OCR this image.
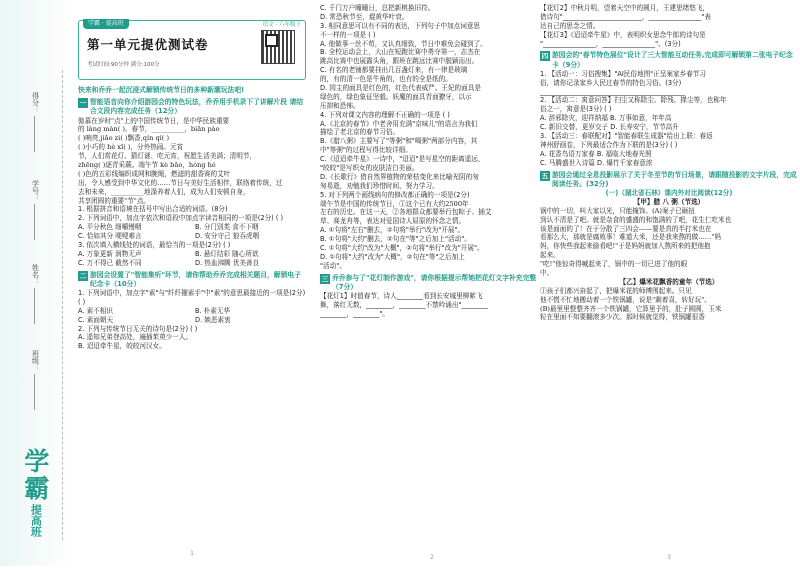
得分：
学号：
姓名：
班级：
学霸
提高班
学霸 · 提高班	语文 · 六年级下
第一单元提优测试卷
考试时间:90分钟 满分:100分
快来和乔乔一起沉浸式解锁传统节日的多种新潮玩法吧!
一 智能语音向你介绍游园会的特色玩法，乔乔用手机录下了讲解片段 请结合文段内容完成任务（12分）

傲慕在岁时"点"上的中国传统节日，是中华民族重要

的 làng màn( )。春节，__________，biān pào

( )响亮,jiǎo zi( )飘香,qín qí( )

( )小巧的 hè xǐ( )，分外热闹。元宵

节，人们赏花灯、猜灯谜、吃元宵，祝愿生活美满；清明节，

zhēng( )逐青采蕨。端午节 kè bǎo，hóng hé

( )色的五彩线编织成网和腕绳，燃滤的甜香赛的艾叶

出，令人感受到中华文化的……节日与美好生活相伴，联络着传统，过

去和未来，__________地涤养着人们，成为人们安顿自身，

共享团圆的重要"节"点。

1. 根据拼音和语境在括号中写出合适的词语。(8分)

2. 下列词语中，加点字依次和语段中加点字读音相同的一项是(2分) ( )

A. 平分秋色 细嚼慢咽	B. 分门别类 食不下咽
C. 恰如其分 哽哽难言	D. 安分守己 狼吞虎咽

3. 依次填入横线处的词语，最恰当的一项是(2分) ( )

A. 万象更新 润物无声	B. 悬灯结彩 随心所欲
C. 万不得已 截然不同	D. 热血沸腾 优美善良
二 游园会设置了"智能集听"环节，请你帮助乔乔完成相关题目，解锁电子纪念卡（10分）

1. 下列词语中，加点字"素"与"纤纤擢素手"中"素"的意思最接近的一项是(2分) ( )

A. 素不相识	B. 朴素无华
C. 素面朝天	D. 嫉恶素衷

2. 下列与传统节日无关的诗句是(2分) ( )

A. 遥知兄弟登高处，遍插茱萸少一人。

B. 迢迢牵牛星，皎皎河汉女。

1

C. 千门万户曈曈日，总把新桃换旧符。

D. 常恐秋节至，焜黄华叶衰。

3. 相同意思可以有不同的表达，下列句子中加点词意思

不一样的一项是 ( )

A. 他做事一丝不苟，又认真细致，节日中难免会碰到了。

B. 全校运动会上，大山在短跑比赛中勇夺第一，志杰在

跳高比赛中也展露头角，跟班在跳远比赛中脱颖而出。

C. 有名的老铺都要挂出几百盏灯来，有一律是玻璃

的，有的清一色是牛角的，也有的全是纸的。

D. 园主的面具是红色的，红色代表威严。王妃的面具是

绿色的，绿色象征坚毅。妖魔的面具青面獠牙，以示

压抑和恐怖。

4. 下列对课文内容的理解不正确的一项是 ( )

A.《北京的春节》中老舍用充满"京味儿"的语言为我们

描绘了老北京的春节习俗。

B.《腊八粥》主要写了"等粥"和"喝粥"两部分内容，其

中"等粥"的过程写得比较详细。

C.《迢迢牵牛星》一诗中，"迢迢"是写星空的距离遥远，

"皎皎"是写织女的皮肤洁白美丽。

D.《长歌行》借自然界植物的荣枯变化来比喻光阴的匆

匆易逝，劝勉我们珍惜时间，努力学习。

5. 对下列两个画线病句的修改都正确的一项是(2分)

端午节是中国的传统节日，①这个已有大约2500年

左右的历史。在这一天，②各地群众都要举行包粽子、插艾

草、赛龙舟等，表达对爱国诗人屈原的怀念之情。

A. ①句将"左右"删去，②句将"举行"改为"开展"。

B. ①句将"大约"删去，②句在"等"之后加上"活动"。

C. ①句将"大约"改为"大概"，②句将"举行"改为"开展"。

D. ①句将"大约"改为"大概"，②句在"等"之后加上

"活动"。

三 乔乔参与了"花灯制作游戏"，请你根据提示帮她把花灯文字补充完整（7分）

【花灯1】时值春节，诗人________看到长安城里柳絮飞

舞，落红无数，________，________不禁吟诵出"________

________，________"。

2

【花灯2】中秋月明，望着天空中的圆月，王建思绪悠飞，

借诗句"________________________，________________"表

达自己的思念之情。

【花灯3】《迢迢牵牛星》中，表明织女思念牛郎的诗句是

"________________，________________"。(3分)

四 游园会的"春节特色展位"设计了三大智能互动任务,完成即可解锁第二张电子纪念卡（9分）

1. 【活动一：习俗搜集】"AI民俗地图"正呈案家乡春节习

俗，请你记录家乡人民过春节的特色习俗。(3分)

____________________________________________

2. 【活动二：寓意问答】扫尘又称除尘、除残、掸尘等，也称年

俗之一，寓意是(3分) ( )

A. 辞邪除灾，迎祥纳福 B. 万事如意，年年高

C. 新旧交替，更岁交子 D. 长寿安宁，节节高升

3. 【活动三：春联配对】"智能春联生成器"给出上联：春返

神州舒画卷，下列最适合作为下联的是(3分) ( )

A. 花香鸟语万家春 B. 福临大地春光照

C. 马腾盛世入诗篇 D. 爆竹千家春意浓

五 游园会通过全息投影展示了关于冬至节的节日场景，请跟随投影的文字片段，完成阅读任务。(32分)

(一)（湖北省石林）课内外对比阅读(12分)

【甲】腊 八 粥（节选）

锅中的一切，叫大家以光，只能掩饰。(A)案子已砸扭

到认不清是了吧。就是杂食的盛盛的和饱满的了吧，花生仁吃米也

该是面面的了！在于分散了三四会——要是真的半打米也在

看那么大，那就是腐败事！难道大米，还是我来熬的做……"妈

妈，你快些我起来偷看吧!"于是妈妈就加入熬所来的把他抱

起来。

"吃!"他惊奇得喊起来了，锅中的一切已进了他的眼

中。

【乙】爆米花飘香的童年（节选）

①孩子们都兴奋起了，把爆米花的师傅围起来。只见

他不慌不忙地搬动着一个铁锅罐，说是"剩着喜，转好玩"。

(B)最里里整整齐齐一个铁锅罐，它算里予的，肚子圆圆，玉米

粒在里面不知要翻滚多少次。那时候就觉得，铁锅罐很香

3
